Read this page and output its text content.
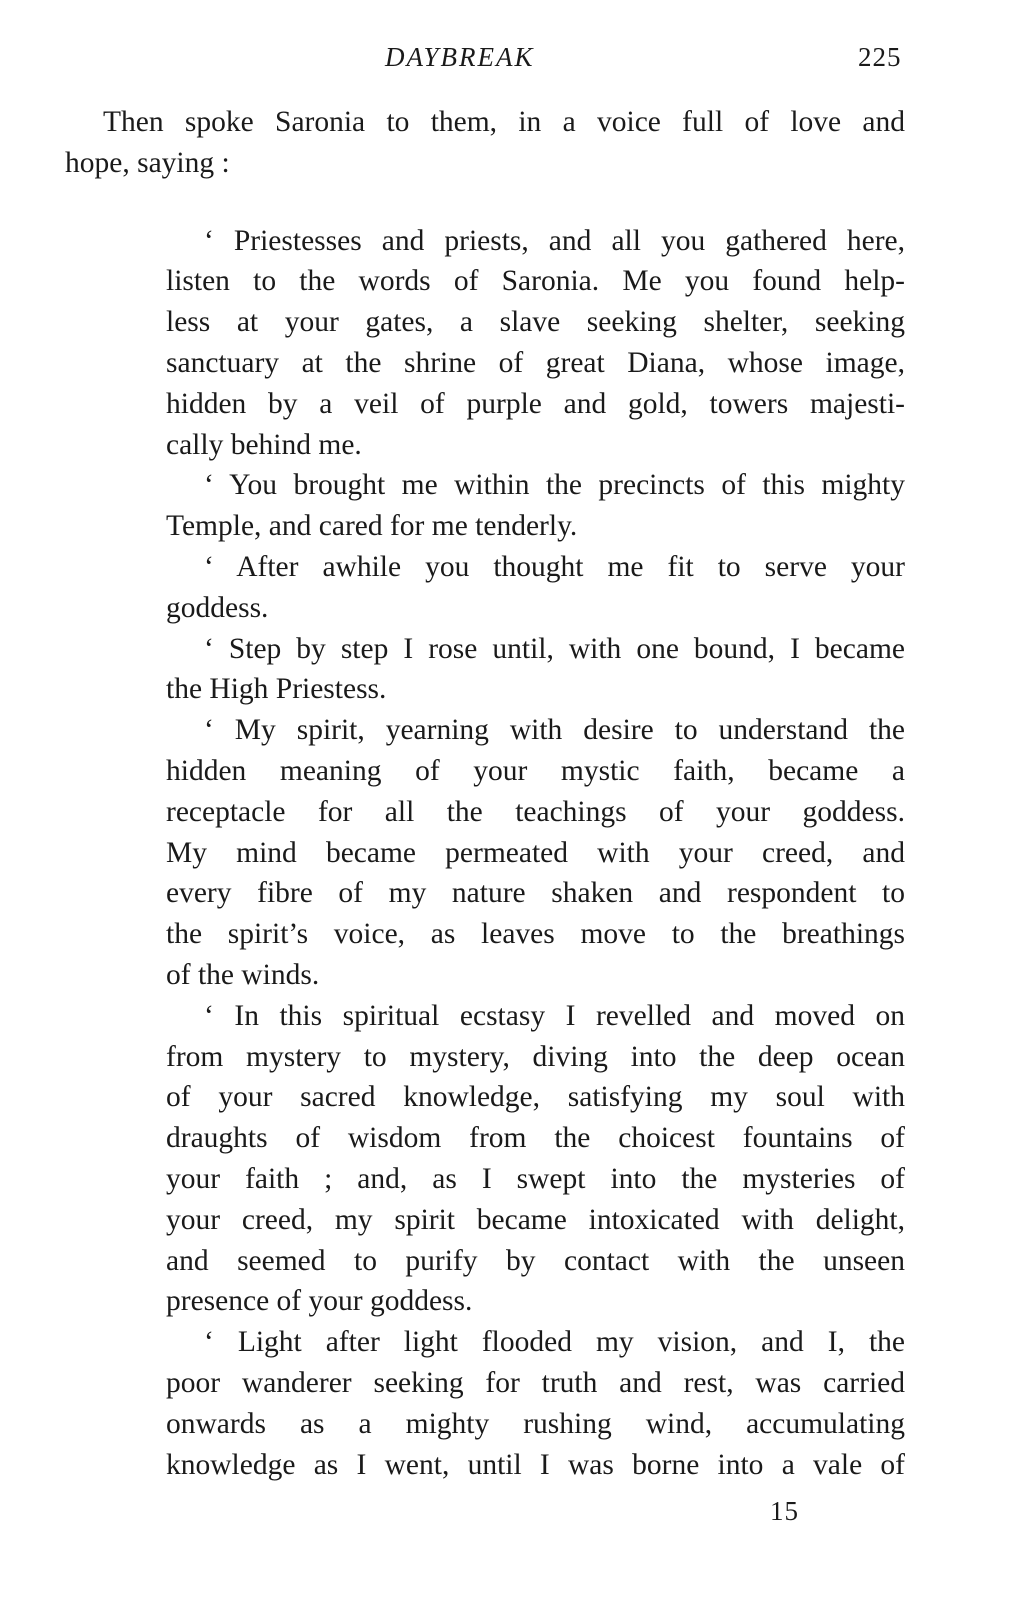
DAYBREAK	225
Then spoke Saronia to them, in a voice full of love and
hope, saying :
‘ Priestesses and priests, and all you gathered here,
listen to the words of Saronia. Me you found help-
less at your gates, a slave seeking shelter, seeking
sanctuary at the shrine of great Diana, whose image,
hidden by a veil of purple and gold, towers majesti-
cally behind me.
‘ You brought me within the precincts of this mighty
Temple, and cared for me tenderly.
‘ After awhile you thought me fit to serve your
goddess.
‘ Step by step I rose until, with one bound, I became
the High Priestess.
‘ My spirit, yearning with desire to understand the
hidden meaning of your mystic faith, became a
receptacle for all the teachings of your goddess.
My mind became permeated with your creed, and
every fibre of my nature shaken and respondent to
the spirit’s voice, as leaves move to the breathings
of the winds.
‘ In this spiritual ecstasy I revelled and moved on
from mystery to mystery, diving into the deep ocean
of your sacred knowledge, satisfying my soul with
draughts of wisdom from the choicest fountains of
your faith ; and, as I swept into the mysteries of
your creed, my spirit became intoxicated with delight,
and seemed to purify by contact with the unseen
presence of your goddess.
‘ Light after light flooded my vision, and I, the
poor wanderer seeking for truth and rest, was carried
onwards as a mighty rushing wind, accumulating
knowledge as I went, until I was borne into a vale of
15
